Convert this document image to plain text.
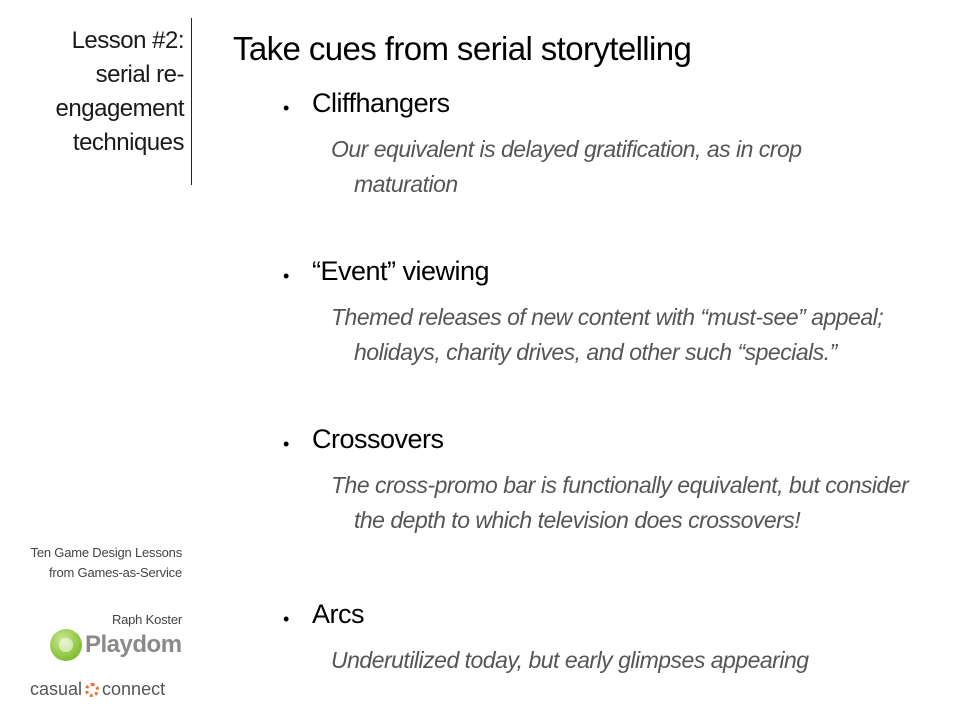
Lesson #2:
serial re-
engagement
techniques
Take cues from serial storytelling
• Cliffhangers
Our equivalent is delayed gratification, as in crop
maturation
• “Event” viewing
Themed releases of new content with “must-see” appeal;
holidays, charity drives, and other such “specials.”
• Crossovers
The cross-promo bar is functionally equivalent, but consider
the depth to which television does crossovers!
• Arcs
Underutilized today, but early glimpses appearing
Ten Game Design Lessons
from Games-as-Service
Raph Koster
Playdom
casual connect
